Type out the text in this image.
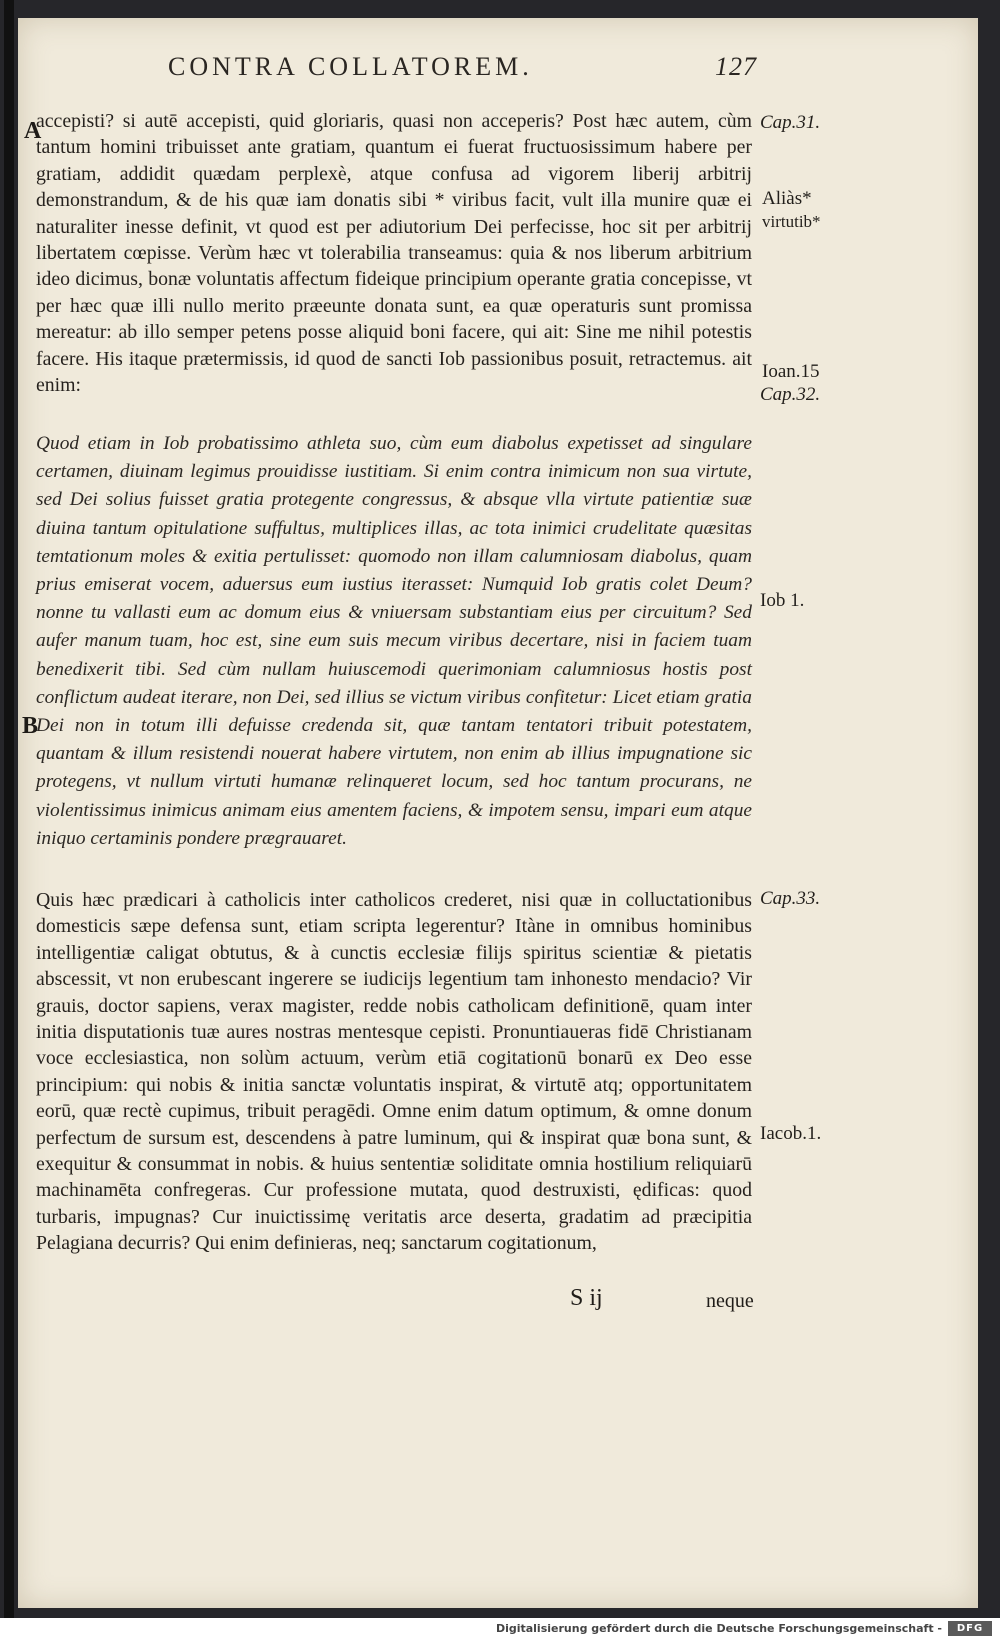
CONTRA COLLATOREM.	127
A
B
Cap.31.
Aliàs*
virtutib*
Ioan.15
Cap.32.
Iob 1.
Cap.33.
Iacob.1.

accepisti? si autē accepisti, quid gloriaris, quasi non acceperis? Post hæc autem, cùm tantum homini tribuisset ante gratiam, quantum ei fuerat fructuosissimum habere per gratiam, addidit quædam perplexè, atque confusa ad vigorem liberij arbitrij demonstrandum, & de his quæ iam donatis sibi * viribus facit, vult illa munire quæ ei naturaliter inesse definit, vt quod est per adiutorium Dei perfecisse, hoc sit per arbitrij libertatem cœpisse. Verùm hæc vt tolerabilia transeamus: quia & nos liberum arbitrium ideo dicimus, bonæ voluntatis affectum fideique principium operante gratia concepisse, vt per hæc quæ illi nullo merito præeunte donata sunt, ea quæ operaturis sunt promissa mereatur: ab illo semper petens posse aliquid boni facere, qui ait: Sine me nihil potestis facere. His itaque prætermissis, id quod de sancti Iob passionibus posuit, retractemus. ait enim:

Quod etiam in Iob probatissimo athleta suo, cùm eum diabolus expetisset ad singulare certamen, diuinam legimus prouidisse iustitiam. Si enim contra inimicum non sua virtute, sed Dei solius fuisset gratia protegente congressus, & absque vlla virtute patientiæ suæ diuina tantum opitulatione suffultus, multiplices illas, ac tota inimici crudelitate quæsitas temtationum moles & exitia pertulisset: quomodo non illam calumniosam diabolus, quam prius emiserat vocem, aduersus eum iustius iterasset: Numquid Iob gratis colet Deum? nonne tu vallasti eum ac domum eius & vniuersam substantiam eius per circuitum? Sed aufer manum tuam, hoc est, sine eum suis mecum viribus decertare, nisi in faciem tuam benedixerit tibi. Sed cùm nullam huiuscemodi querimoniam calumniosus hostis post conflictum audeat iterare, non Dei, sed illius se victum viribus confitetur: Licet etiam gratia Dei non in totum illi defuisse credenda sit, quæ tantam tentatori tribuit potestatem, quantam & illum resistendi nouerat habere virtutem, non enim ab illius impugnatione sic protegens, vt nullum virtuti humanæ relinqueret locum, sed hoc tantum procurans, ne violentissimus inimicus animam eius amentem faciens, & impotem sensu, impari eum atque iniquo certaminis pondere prægrauaret.

Quis hæc prædicari à catholicis inter catholicos crederet, nisi quæ in colluctationibus domesticis sæpe defensa sunt, etiam scripta legerentur? Itàne in omnibus hominibus intelligentiæ caligat obtutus, & à cunctis ecclesiæ filijs spiritus scientiæ & pietatis abscessit, vt non erubescant ingerere se iudicijs legentium tam inhonesto mendacio? Vir grauis, doctor sapiens, verax magister, redde nobis catholicam definitionē, quam inter initia disputationis tuæ aures nostras mentesque cepisti. Pronuntiaueras fidē Christianam voce ecclesiastica, non solùm actuum, verùm etiā cogitationū bonarū ex Deo esse principium: qui nobis & initia sanctæ voluntatis inspirat, & virtutē atq; opportunitatem eorū, quæ rectè cupimus, tribuit peragēdi. Omne enim datum optimum, & omne donum perfectum de sursum est, descendens à patre luminum, qui & inspirat quæ bona sunt, & exequitur & consummat in nobis. & huius sententiæ soliditate omnia hostilium reliquiarū machinamēta confregeras. Cur professione mutata, quod destruxisti, ędificas: quod turbaris, impugnas? Cur inuictissimę veritatis arce deserta, gradatim ad præcipitia Pelagiana decurris? Qui enim definieras, neq; sanctarum cogitationum,

S ij	neque
Digitalisierung gefördert durch die Deutsche Forschungsgemeinschaft -	DFG
